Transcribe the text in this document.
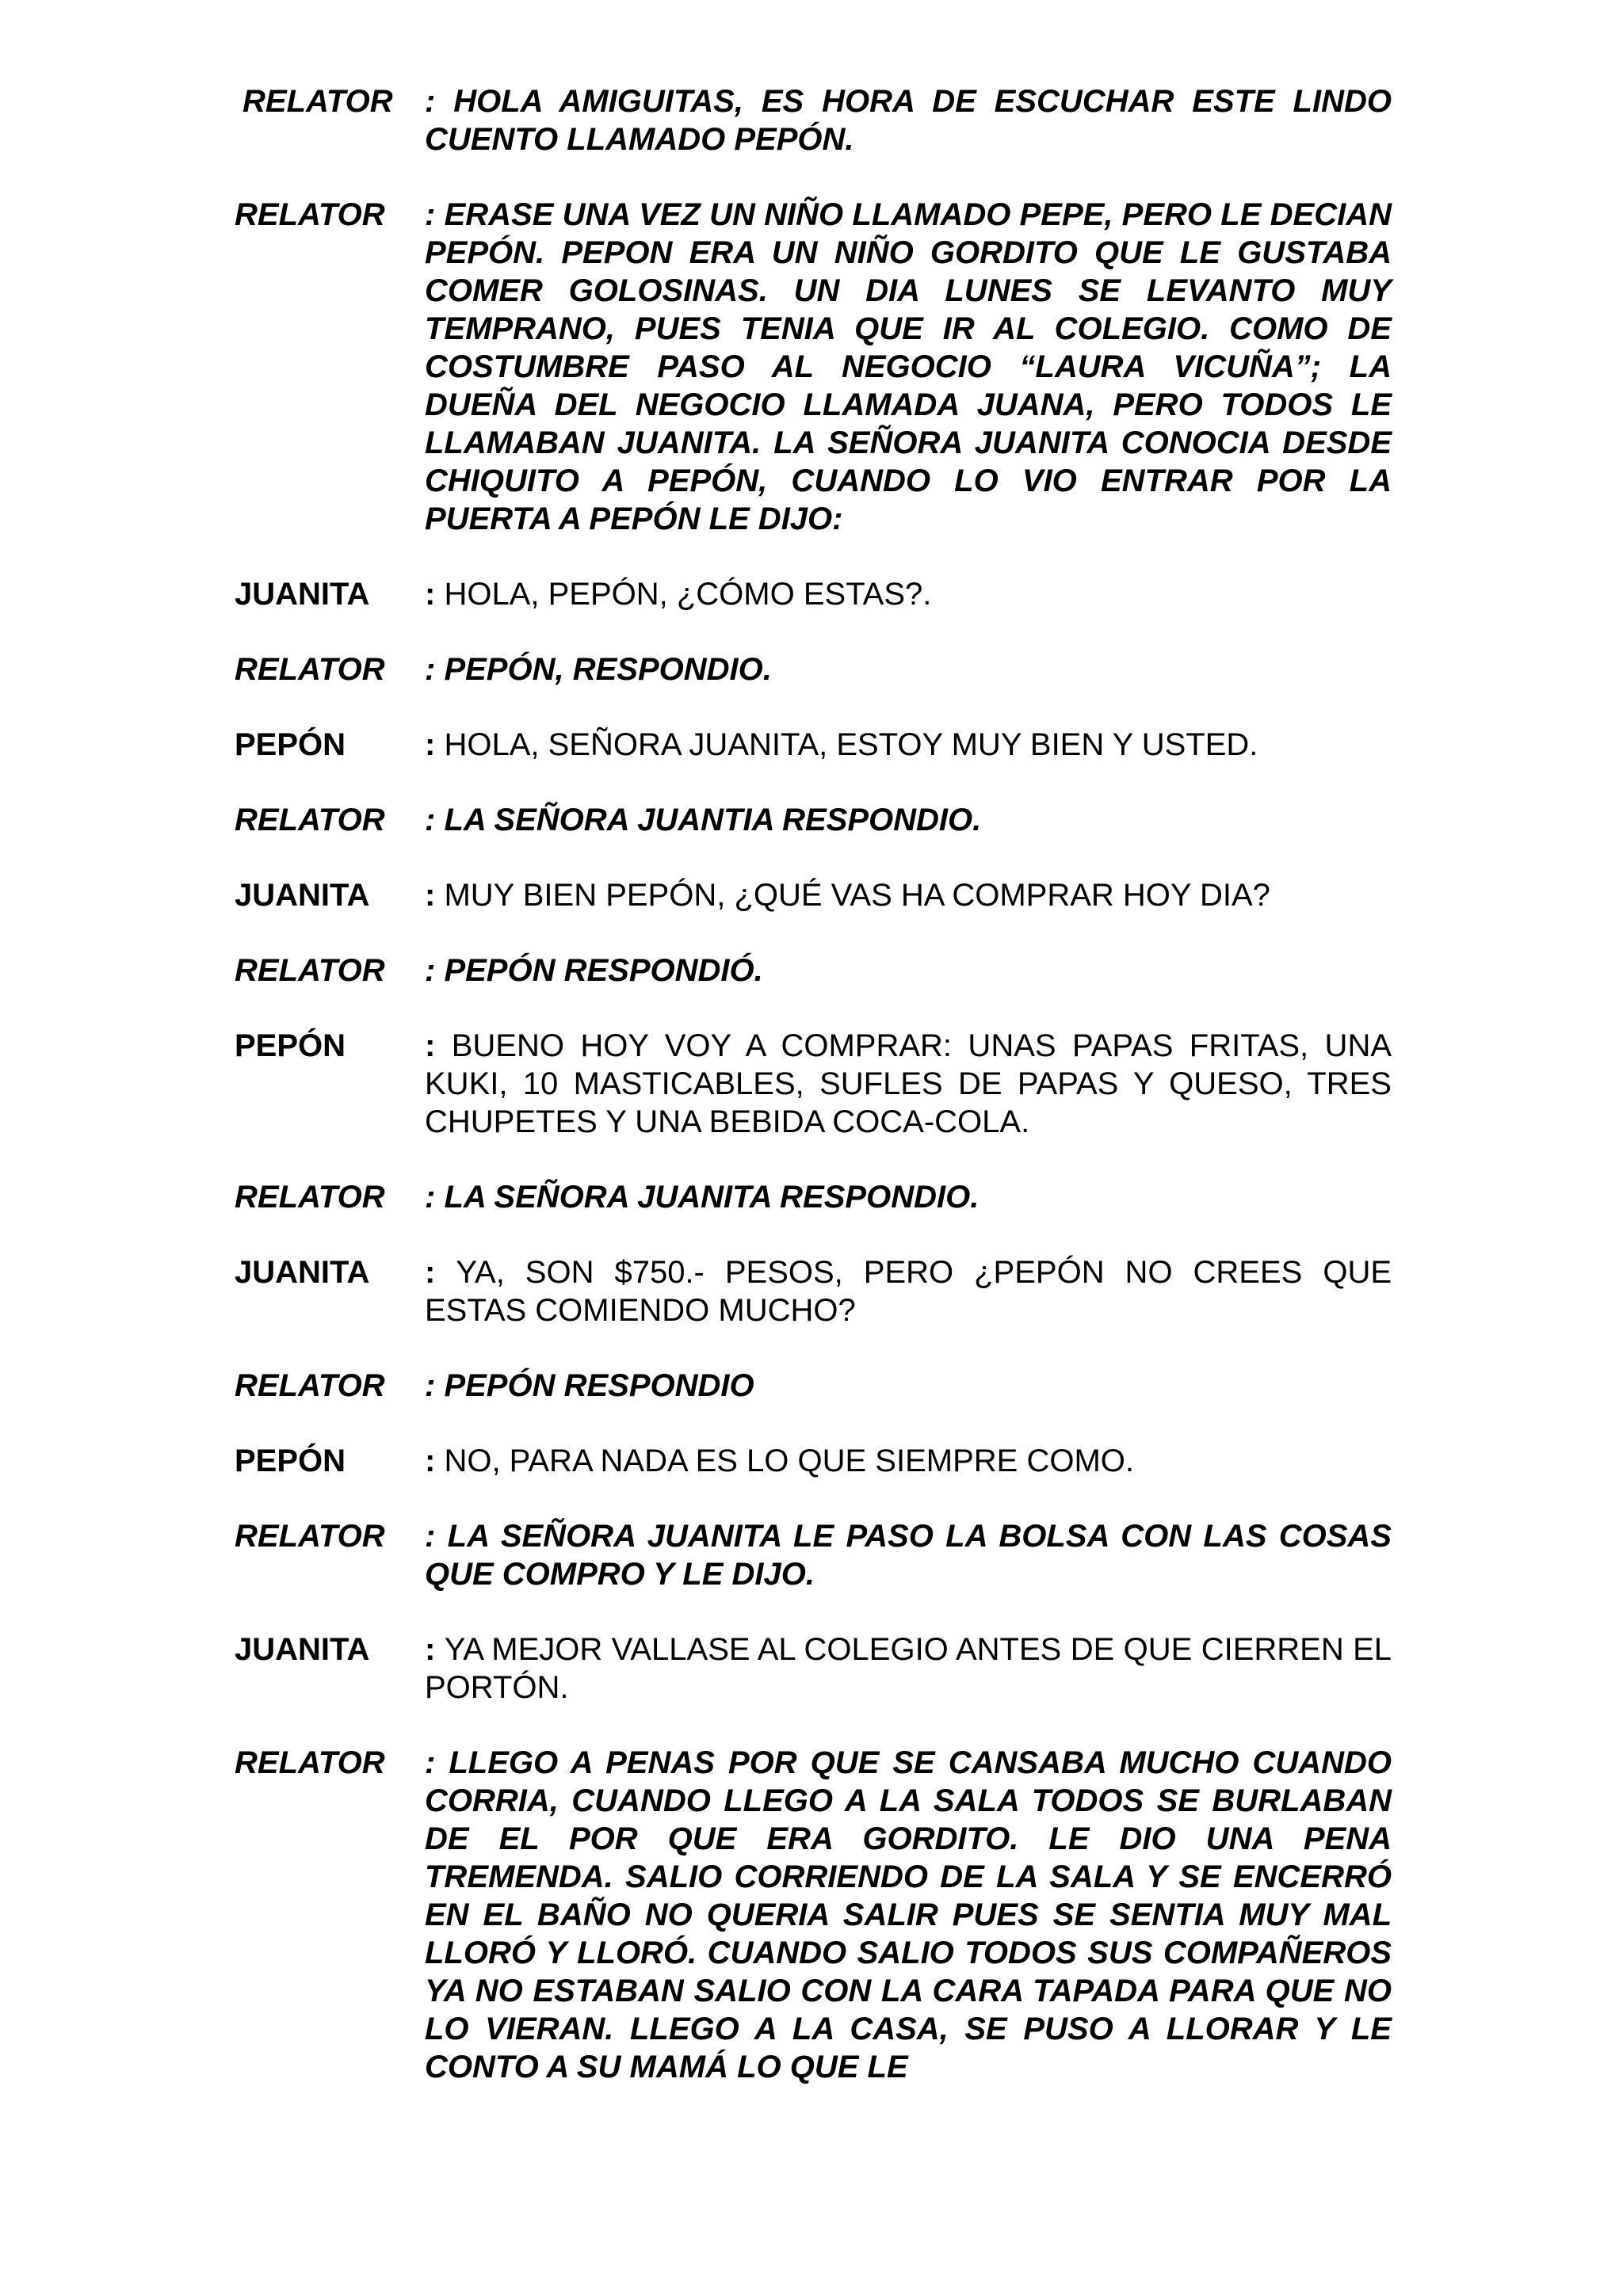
RELATOR	: HOLA AMIGUITAS, ES HORA DE ESCUCHAR ESTE LINDO CUENTO LLAMADO PEPÓN.
RELATOR	: ERASE UNA VEZ UN NIÑO LLAMADO PEPE, PERO LE DECIAN PEPÓN. PEPON ERA UN NIÑO GORDITO QUE LE GUSTABA COMER GOLOSINAS. UN DIA LUNES SE LEVANTO MUY TEMPRANO, PUES TENIA QUE IR AL COLEGIO. COMO DE COSTUMBRE PASO AL NEGOCIO “LAURA VICUÑA”; LA DUEÑA DEL NEGOCIO LLAMADA JUANA, PERO TODOS LE LLAMABAN JUANITA. LA SEÑORA JUANITA CONOCIA DESDE CHIQUITO A PEPÓN, CUANDO LO VIO ENTRAR POR LA PUERTA A PEPÓN LE DIJO:
JUANITA	: HOLA, PEPÓN, ¿CÓMO ESTAS?.
RELATOR	: PEPÓN, RESPONDIO.
PEPÓN	: HOLA, SEÑORA JUANITA, ESTOY MUY BIEN Y USTED.
RELATOR	: LA SEÑORA JUANTIA RESPONDIO.
JUANITA	: MUY BIEN PEPÓN, ¿QUÉ VAS HA COMPRAR HOY DIA?
RELATOR	: PEPÓN RESPONDIÓ.
PEPÓN	: BUENO HOY VOY A COMPRAR: UNAS PAPAS FRITAS, UNA KUKI, 10 MASTICABLES, SUFLES DE PAPAS Y QUESO, TRES CHUPETES Y UNA BEBIDA COCA-COLA.
RELATOR	: LA SEÑORA JUANITA RESPONDIO.
JUANITA	: YA, SON $750.- PESOS, PERO ¿PEPÓN NO CREES QUE ESTAS COMIENDO MUCHO?
RELATOR	: PEPÓN RESPONDIO
PEPÓN	: NO, PARA NADA ES LO QUE SIEMPRE COMO.
RELATOR	: LA SEÑORA JUANITA LE PASO LA BOLSA CON LAS COSAS QUE COMPRO Y LE DIJO.
JUANITA	: YA MEJOR VALLASE AL COLEGIO ANTES DE QUE CIERREN EL PORTÓN.
RELATOR	: LLEGO A PENAS POR QUE SE CANSABA MUCHO CUANDO CORRIA, CUANDO LLEGO A LA SALA TODOS SE BURLABAN DE EL POR QUE ERA GORDITO. LE DIO UNA PENA TREMENDA. SALIO CORRIENDO DE LA SALA Y SE ENCERRÓ EN EL BAÑO NO QUERIA SALIR PUES SE SENTIA MUY MAL LLORÓ Y LLORÓ. CUANDO SALIO TODOS SUS COMPAÑEROS YA NO ESTABAN SALIO CON LA CARA TAPADA PARA QUE NO LO VIERAN. LLEGO A LA CASA, SE PUSO A LLORAR Y LE CONTO A SU MAMÁ LO QUE LE
